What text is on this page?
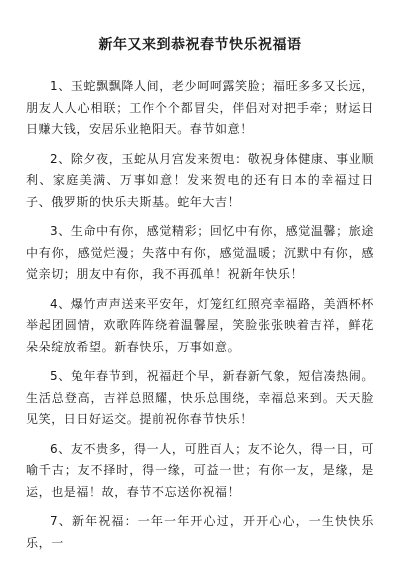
新年又来到恭祝春节快乐祝福语

1、玉蛇飘飘降人间，老少呵呵露笑脸；福旺多多又长远，朋友人人心相联；工作个个都冒尖，伴侣对对把手牵；财运日日赚大钱，安居乐业艳阳天。春节如意！

2、除夕夜，玉蛇从月宫发来贺电：敬祝身体健康、事业顺利、家庭美满、万事如意！发来贺电的还有日本的幸福过日子、俄罗斯的快乐夫斯基。蛇年大吉！

3、生命中有你，感觉精彩；回忆中有你，感觉温馨；旅途中有你，感觉烂漫；失落中有你，感觉温暖；沉默中有你，感觉亲切；朋友中有你，我不再孤单！祝新年快乐！

4、爆竹声声送来平安年，灯笼红红照亮幸福路，美酒杯杯举起团圆情，欢歌阵阵绕着温馨屋，笑脸张张映着吉祥，鲜花朵朵绽放希望。新春快乐，万事如意。

5、兔年春节到，祝福赶个早，新春新气象，短信凑热闹。生活总登高，吉祥总照耀，快乐总围绕，幸福总来到。天天脸见笑，日日好运交。提前祝你春节快乐！

6、友不贵多，得一人，可胜百人；友不论久，得一日，可喻千古；友不择时，得一缘，可益一世；有你一友，是缘，是运，也是福！故，春节不忘送你祝福！

7、新年祝福：一年一年开心过，开开心心，一生快快乐乐，一
